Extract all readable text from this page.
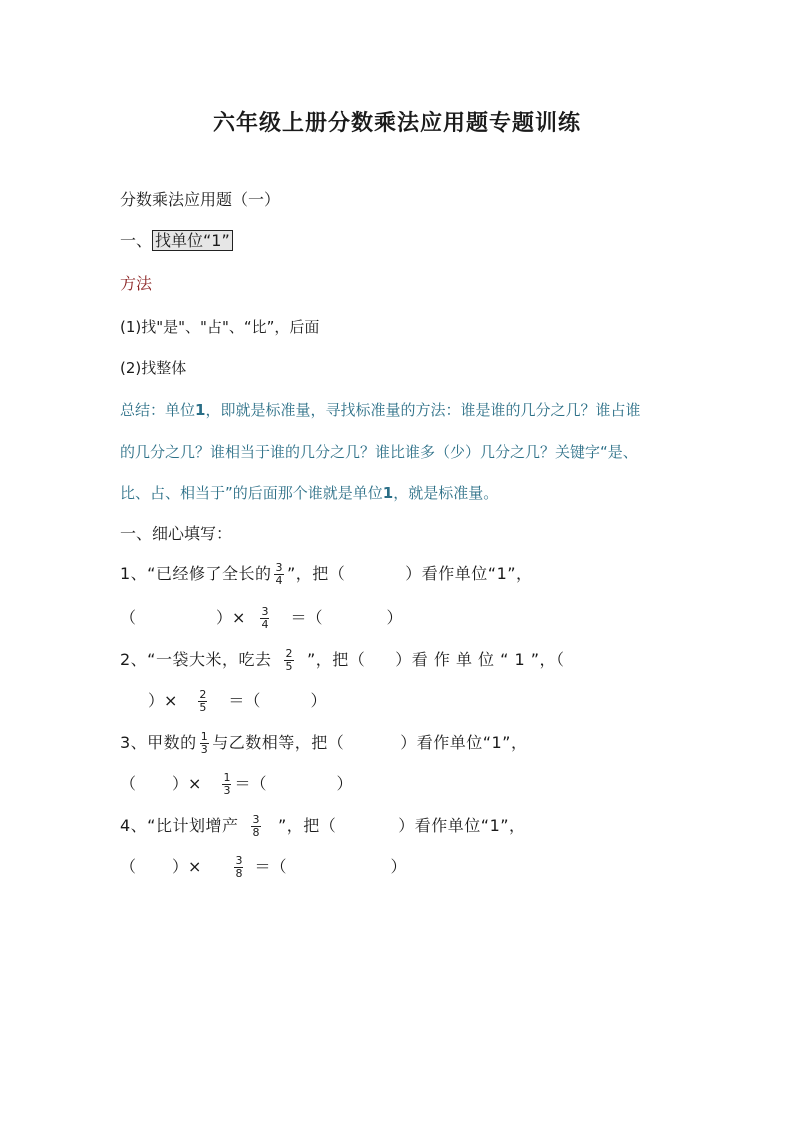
六年级上册分数乘法应用题专题训练
分数乘法应用题（一）
一、 找单位“1”
方法
(1)找"是"、"占"、“比”，后面
(2)找整体
总结：单位1，即就是标准量，寻找标准量的方法：谁是谁的几分之几？谁占谁
的几分之几？谁相当于谁的几分之几？谁比谁多（少）几分之几？关键字“是、
比、占、相当于”的后面那个谁就是单位1，就是标准量。
一、细心填写：
1、“已经修了全长的 $\frac{3}{4}$ ”，把（	）看作单位“1”，
（	）× $\frac{3}{4}$ ＝（	）
2、“一袋大米，吃去 $\frac{2}{5}$ ”，把（ ）看 作 单 位 “ 1 ”，（
）× $\frac{2}{5}$ ＝（	）
3、甲数的 $\frac{1}{3}$ 与乙数相等，把（	）看作单位“1”，
（ ）× $\frac{1}{3}$ ＝（	）
4、“比计划增产 $\frac{3}{8}$ ”，把（	）看作单位“1”，
（ ）×	$\frac{3}{8}$ ＝（	）
